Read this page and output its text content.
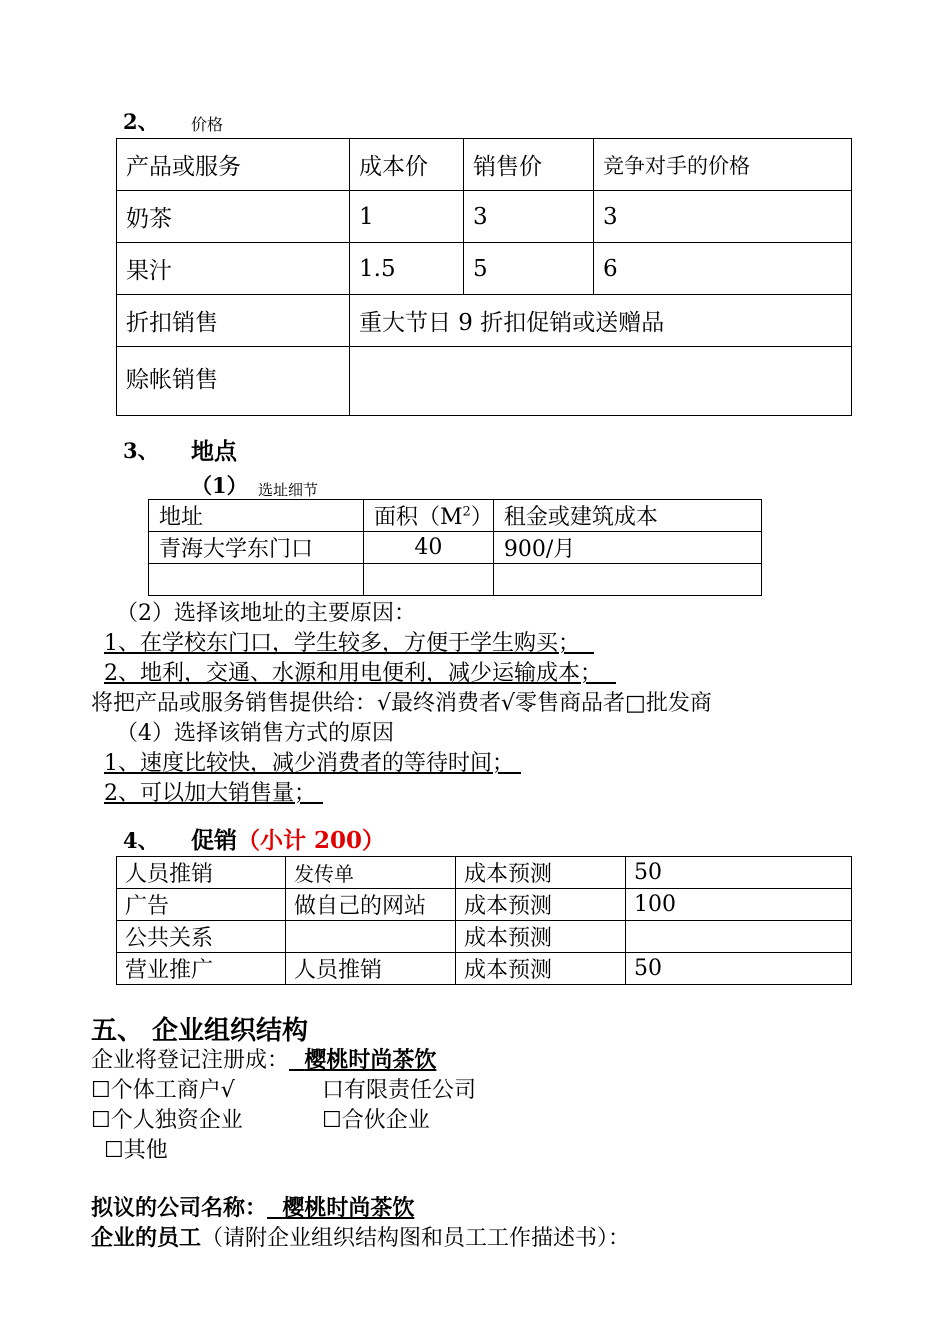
2、 价格
产品或服务	成本价	销售价	竞争对手的价格
奶茶	1	3	3
果汁	1.5	5	6
折扣销售	重大节日 9 折扣促销或送赠品		
赊帐销售			
3、 地点
（1） 选址细节
地址	面积$(M^2)$	租金或建筑成本
青海大学东门口	40	900/月

（2）选择该地址的主要原因：
1、在学校东门口，学生较多，方便于学生购买；
2、地利，交通、水源和用电便利，减少运输成本；
将把产品或服务销售提供给：√最终消费者√零售商品者□批发商
（4）选择该销售方式的原因
1、速度比较快，减少消费者的等待时间；
2、可以加大销售量；
4、 促销（小计 200）
人员推销	发传单	成本预测	50
广告	做自己的网站	成本预测	100
公共关系		成本预测	
营业推广	人员推销	成本预测	50
五、 企业组织结构
企业将登记注册成： 樱桃时尚茶饮
☐个体工商户√	口有限责任公司
☐个人独资企业	☐合伙企业
☐其他
拟议的公司名称： 樱桃时尚茶饮
企业的员工（请附企业组织结构图和员工工作描述书）：
